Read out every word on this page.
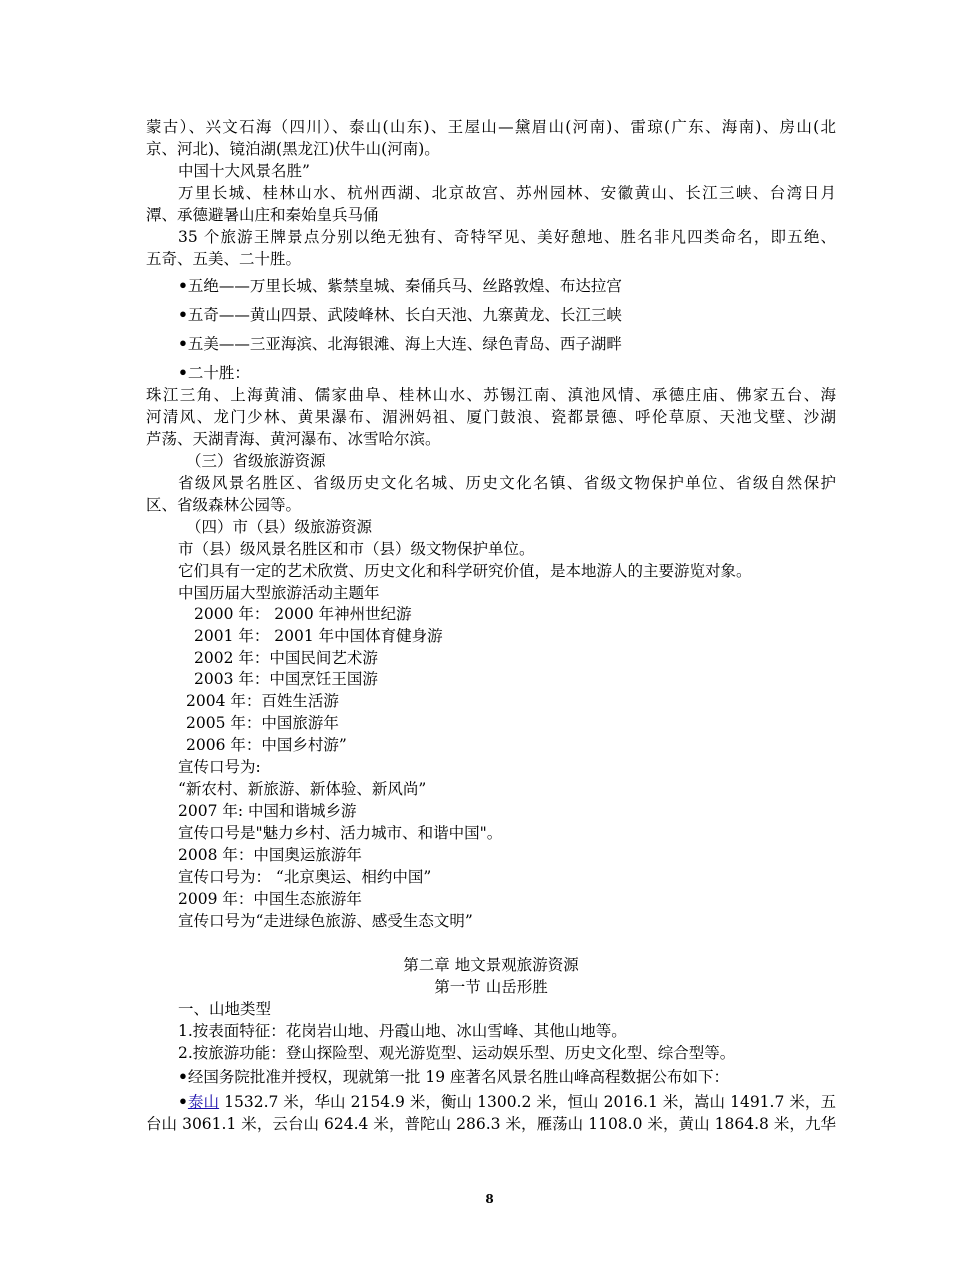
蒙古）、兴文石海（四川）、泰山(山东)、王屋山—黛眉山(河南)、雷琼(广东、海南)、房山(北
京、河北)、镜泊湖(黑龙江)伏牛山(河南)。
中国十大风景名胜”
万里长城、桂林山水、杭州西湖、北京故宫、苏州园林、安徽黄山、长江三峡、台湾日月
潭、承德避暑山庄和秦始皇兵马俑
35 个旅游王牌景点分别以绝无独有、奇特罕见、美好憩地、胜名非凡四类命名，即五绝、
五奇、五美、二十胜。
•五绝——万里长城、紫禁皇城、秦俑兵马、丝路敦煌、布达拉宫
•五奇——黄山四景、武陵峰林、长白天池、九寨黄龙、长江三峡
•五美——三亚海滨、北海银滩、海上大连、绿色青岛、西子湖畔
•二十胜：
珠江三角、上海黄浦、儒家曲阜、桂林山水、苏锡江南、滇池风情、承德庄庙、佛家五台、海
河清风、龙门少林、黄果瀑布、湄洲妈祖、厦门鼓浪、瓷都景德、呼伦草原、天池戈壁、沙湖
芦荡、天湖青海、黄河瀑布、冰雪哈尔滨。
（三）省级旅游资源
省级风景名胜区、省级历史文化名城、历史文化名镇、省级文物保护单位、省级自然保护
区、省级森林公园等。
（四）市（县）级旅游资源
市（县）级风景名胜区和市（县）级文物保护单位。
它们具有一定的艺术欣赏、历史文化和科学研究价值，是本地游人的主要游览对象。
中国历届大型旅游活动主题年
2000 年： 2000 年神州世纪游
2001 年： 2001 年中国体育健身游
2002 年：中国民间艺术游
2003 年：中国烹饪王国游
2004 年：百姓生活游
2005 年：中国旅游年
2006 年：中国乡村游”
宣传口号为:
“新农村、新旅游、新体验、新风尚”
2007 年: 中国和谐城乡游
宣传口号是"魅力乡村、活力城市、和谐中国"。
2008 年：中国奥运旅游年
宣传口号为： “北京奥运、相约中国”
2009 年：中国生态旅游年
宣传口号为“走进绿色旅游、感受生态文明”
第二章 地文景观旅游资源
第一节 山岳形胜
一、山地类型
1.按表面特征：花岗岩山地、丹霞山地、冰山雪峰、其他山地等。
2.按旅游功能：登山探险型、观光游览型、运动娱乐型、历史文化型、综合型等。
•经国务院批准并授权，现就第一批 19 座著名风景名胜山峰高程数据公布如下：
•泰山 1532.7 米，华山 2154.9 米，衡山 1300.2 米，恒山 2016.1 米，嵩山 1491.7 米，五
台山 3061.1 米，云台山 624.4 米，普陀山 286.3 米，雁荡山 1108.0 米，黄山 1864.8 米，九华
8
